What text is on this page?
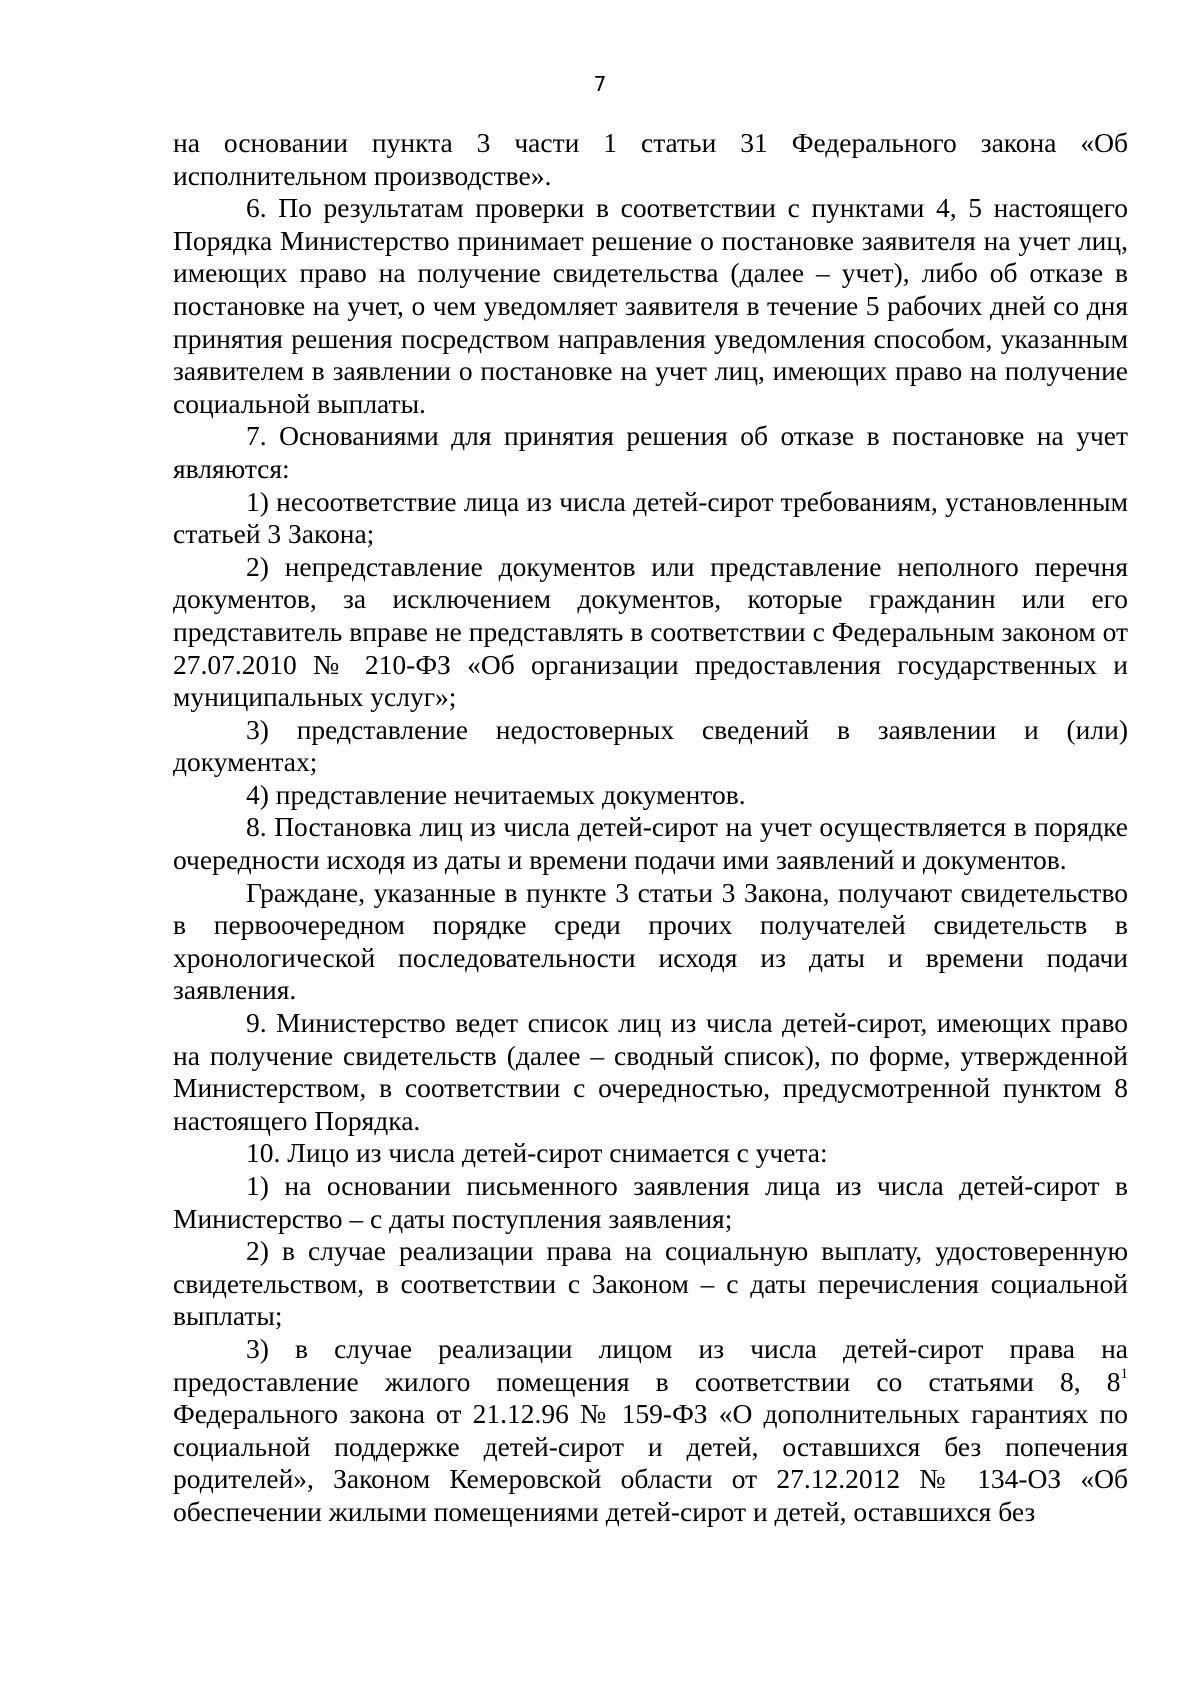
7

на основании пункта 3 части 1 статьи 31 Федерального закона «Об исполнительном производстве».

6. По результатам проверки в соответствии с пунктами 4, 5 настоящего Порядка Министерство принимает решение о постановке заявителя на учет лиц, имеющих право на получение свидетельства (далее – учет), либо об отказе в постановке на учет, о чем уведомляет заявителя в течение 5 рабочих дней со дня принятия решения посредством направления уведомления способом, указанным заявителем в заявлении о постановке на учет лиц, имеющих право на получение социальной выплаты.

7. Основаниями для принятия решения об отказе в постановке на учет являются:

1) несоответствие лица из числа детей-сирот требованиям, установленным статьей 3 Закона;

2) непредставление документов или представление неполного перечня документов, за исключением документов, которые гражданин или его представитель вправе не представлять в соответствии с Федеральным законом от 27.07.2010 № 210-ФЗ «Об организации предоставления государственных и муниципальных услуг»;

3) представление недостоверных сведений в заявлении и (или) документах;

4) представление нечитаемых документов.

8. Постановка лиц из числа детей-сирот на учет осуществляется в порядке очередности исходя из даты и времени подачи ими заявлений и документов.

Граждане, указанные в пункте 3 статьи 3 Закона, получают свидетельство в первоочередном порядке среди прочих получателей свидетельств в хронологической последовательности исходя из даты и времени подачи заявления.

9. Министерство ведет список лиц из числа детей-сирот, имеющих право на получение свидетельств (далее – сводный список), по форме, утвержденной Министерством, в соответствии с очередностью, предусмотренной пунктом 8 настоящего Порядка.

10. Лицо из числа детей-сирот снимается с учета:

1) на основании письменного заявления лица из числа детей-сирот в Министерство – с даты поступления заявления;

2) в случае реализации права на социальную выплату, удостоверенную свидетельством, в соответствии с Законом – с даты перечисления социальной выплаты;

3) в случае реализации лицом из числа детей-сирот права на предоставление жилого помещения в соответствии со статьями 8, $8^1$ Федерального закона от 21.12.96 № 159-ФЗ «О дополнительных гарантиях по социальной поддержке детей-сирот и детей, оставшихся без попечения родителей», Законом Кемеровской области от 27.12.2012 № 134-ОЗ «Об обеспечении жилыми помещениями детей-сирот и детей, оставшихся без
